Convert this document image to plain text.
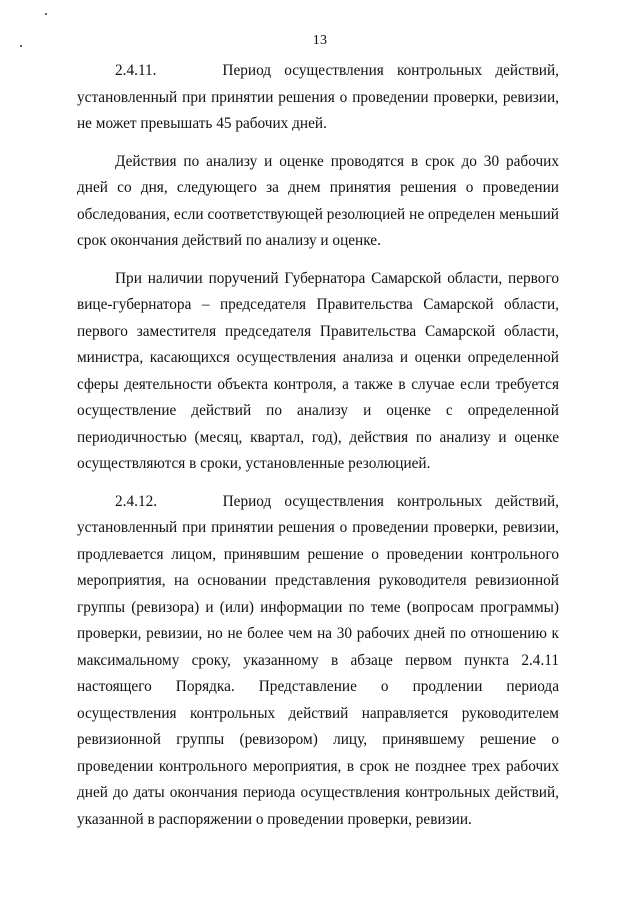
13

2.4.11.     Период осуществления контрольных действий, установленный при принятии решения о проведении проверки, ревизии, не может превышать 45 рабочих дней.

Действия по анализу и оценке проводятся в срок до 30 рабочих дней со дня, следующего за днем принятия решения о проведении обследования, если соответствующей резолюцией не определен меньший срок окончания действий по анализу и оценке.

При наличии поручений Губернатора Самарской области, первого вице-губернатора – председателя Правительства Самарской области, первого заместителя председателя Правительства Самарской области, министра, касающихся осуществления анализа и оценки определенной сферы деятельности объекта контроля, а также в случае если требуется осуществление действий по анализу и оценке с определенной периодичностью (месяц, квартал, год), действия по анализу и оценке осуществляются в сроки, установленные резолюцией.

2.4.12.     Период осуществления контрольных действий, установленный при принятии решения о проведении проверки, ревизии, продлевается лицом, принявшим решение о проведении контрольного мероприятия, на основании представления руководителя ревизионной группы (ревизора) и (или) информации по теме (вопросам программы) проверки, ревизии, но не более чем на 30 рабочих дней по отношению к максимальному сроку, указанному в абзаце первом пункта 2.4.11 настоящего Порядка. Представление о продлении периода осуществления контрольных действий направляется руководителем ревизионной группы (ревизором) лицу, принявшему решение о проведении контрольного мероприятия, в срок не позднее трех рабочих дней до даты окончания периода осуществления контрольных действий, указанной в распоряжении о проведении проверки, ревизии.
